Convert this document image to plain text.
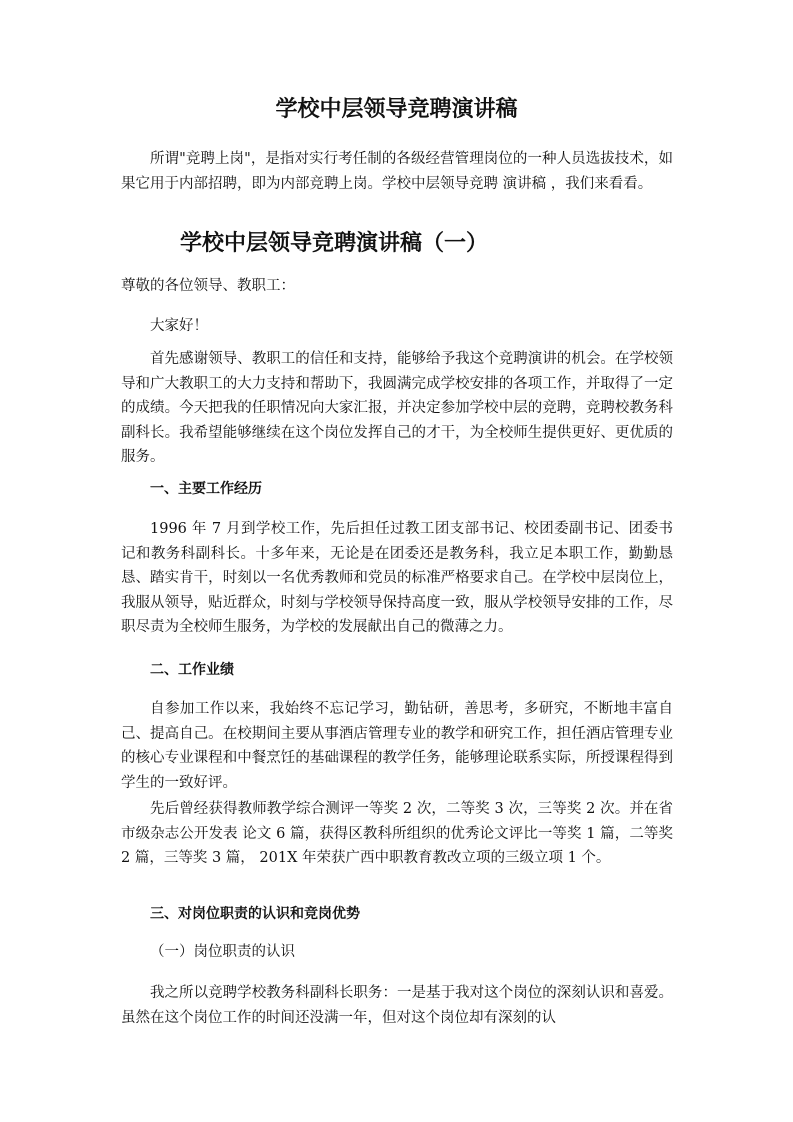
学校中层领导竞聘演讲稿

所谓"竞聘上岗"，是指对实行考任制的各级经营管理岗位的一种人员选拔技术，如果它用于内部招聘，即为内部竞聘上岗。学校中层领导竞聘 演讲稿 ，我们来看看。

学校中层领导竞聘演讲稿（一）

尊敬的各位领导、教职工：

大家好！

首先感谢领导、教职工的信任和支持，能够给予我这个竞聘演讲的机会。在学校领导和广大教职工的大力支持和帮助下，我圆满完成学校安排的各项工作，并取得了一定的成绩。今天把我的任职情况向大家汇报，并决定参加学校中层的竞聘，竞聘校教务科副科长。我希望能够继续在这个岗位发挥自己的才干，为全校师生提供更好、更优质的服务。

一、主要工作经历

1996 年 7 月到学校工作，先后担任过教工团支部书记、校团委副书记、团委书记和教务科副科长。十多年来，无论是在团委还是教务科，我立足本职工作，勤勤恳恳、踏实肯干，时刻以一名优秀教师和党员的标准严格要求自己。在学校中层岗位上，我服从领导，贴近群众，时刻与学校领导保持高度一致，服从学校领导安排的工作，尽职尽责为全校师生服务，为学校的发展献出自己的微薄之力。

二、工作业绩

自参加工作以来，我始终不忘记学习，勤钻研，善思考，多研究，不断地丰富自己、提高自己。在校期间主要从事酒店管理专业的教学和研究工作，担任酒店管理专业的核心专业课程和中餐烹饪的基础课程的教学任务，能够理论联系实际，所授课程得到学生的一致好评。

先后曾经获得教师教学综合测评一等奖 2 次，二等奖 3 次，三等奖 2 次。并在省市级杂志公开发表 论文 6 篇，获得区教科所组织的优秀论文评比一等奖 1 篇，二等奖 2 篇，三等奖 3 篇， 201X 年荣获广西中职教育教改立项的三级立项 1 个。

三、对岗位职责的认识和竞岗优势

（一）岗位职责的认识

我之所以竞聘学校教务科副科长职务：一是基于我对这个岗位的深刻认识和喜爱。虽然在这个岗位工作的时间还没满一年，但对这个岗位却有深刻的认
